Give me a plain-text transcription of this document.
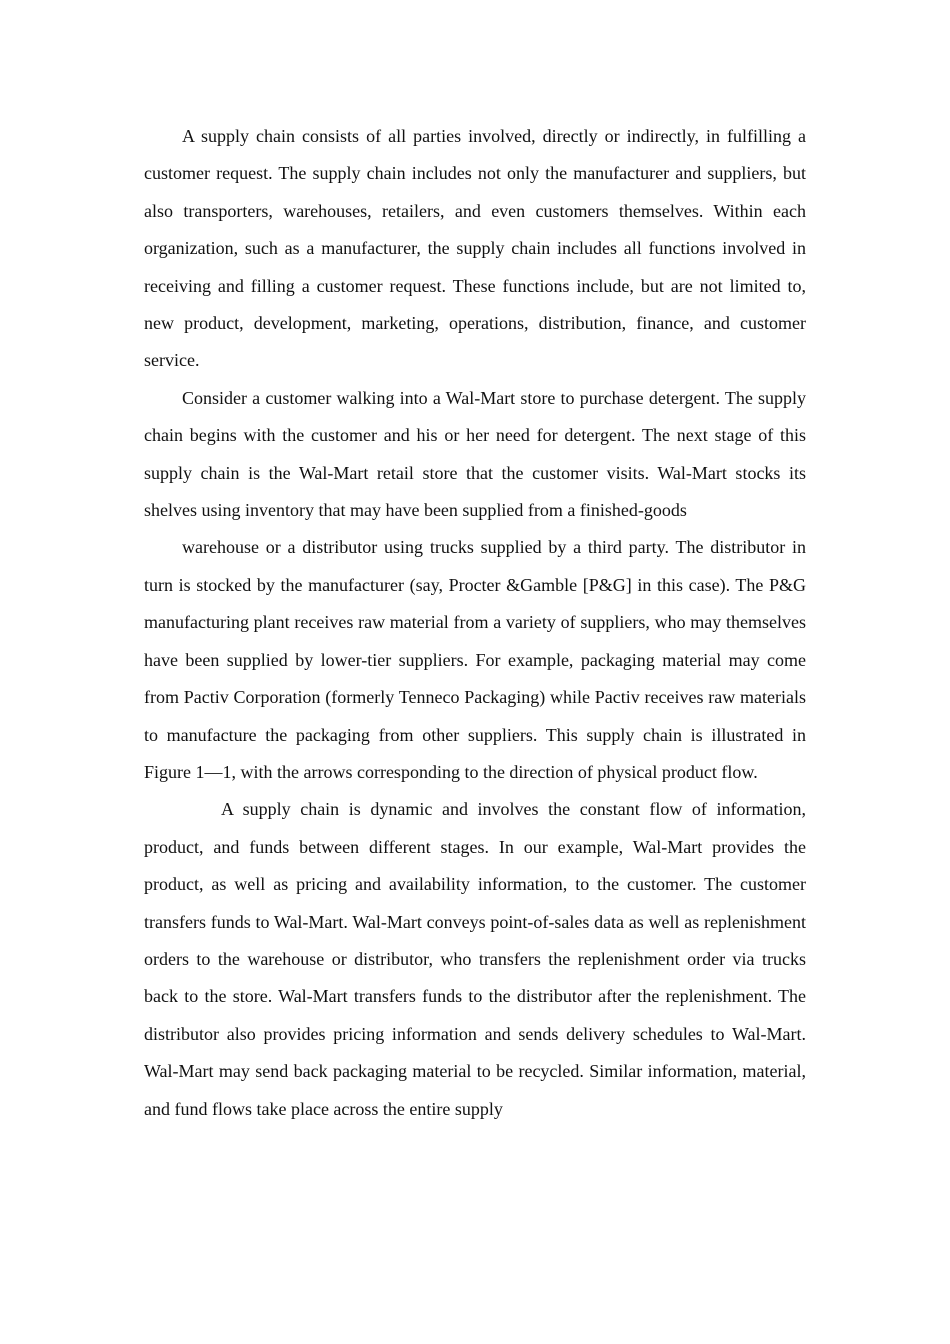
A supply chain consists of all parties involved, directly or indirectly, in fulfilling a customer request. The supply chain includes not only the manufacturer and suppliers, but also transporters, warehouses, retailers, and even customers themselves. Within each organization, such as a manufacturer, the supply chain includes all functions involved in receiving and filling a customer request. These functions include, but are not limited to, new product, development, marketing, operations, distribution, finance, and customer service.

Consider a customer walking into a Wal-Mart store to purchase detergent. The supply chain begins with the customer and his or her need for detergent. The next stage of this supply chain is the Wal-Mart retail store that the customer visits. Wal-Mart stocks its shelves using inventory that may have been supplied from a finished-goods

warehouse or a distributor using trucks supplied by a third party. The distributor in turn is stocked by the manufacturer (say, Procter &Gamble [P&G] in this case). The P&G manufacturing plant receives raw material from a variety of suppliers, who may themselves have been supplied by lower-tier suppliers. For example, packaging material may come from Pactiv Corporation (formerly Tenneco Packaging) while Pactiv receives raw materials to manufacture the packaging from other suppliers. This supply chain is illustrated in Figure 1—1, with the arrows corresponding to the direction of physical product flow.

A supply chain is dynamic and involves the constant flow of information, product, and funds between different stages. In our example, Wal-Mart provides the product, as well as pricing and availability information, to the customer. The customer transfers funds to Wal-Mart. Wal-Mart conveys point-of-sales data as well as replenishment orders to the warehouse or distributor, who transfers the replenishment order via trucks back to the store. Wal-Mart transfers funds to the distributor after the replenishment. The distributor also provides pricing information and sends delivery schedules to Wal-Mart. Wal-Mart may send back packaging material to be recycled. Similar information, material, and fund flows take place across the entire supply
